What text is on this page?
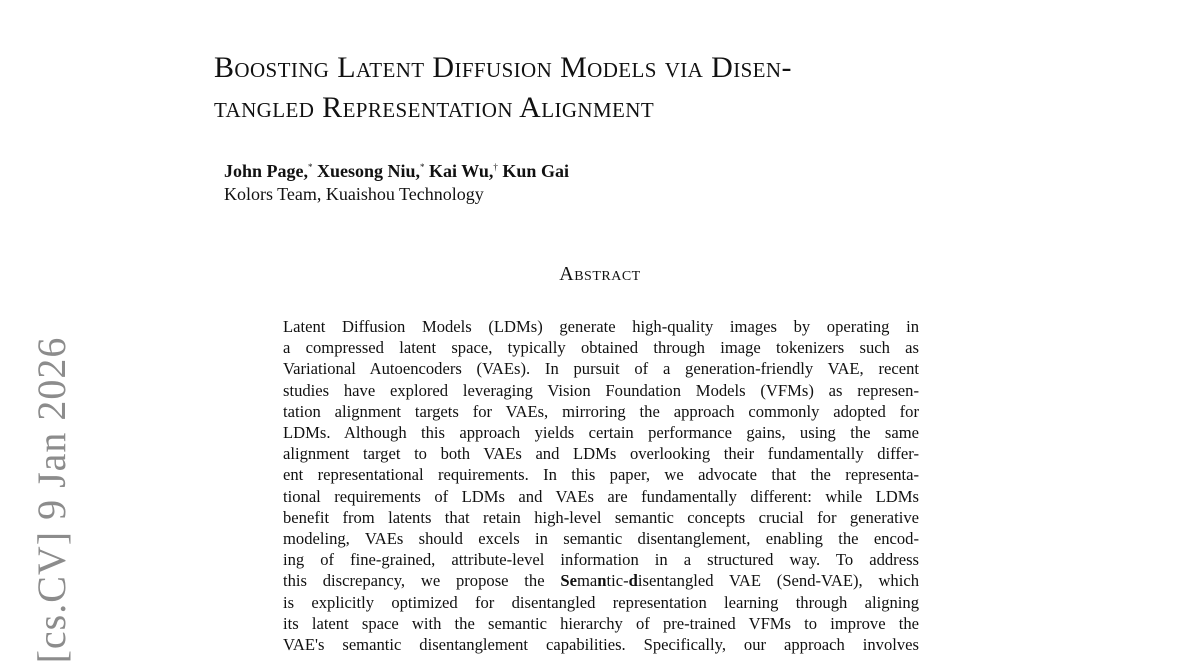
Boosting Latent Diffusion Models via Disen-
tangled Representation Alignment
John Page,* Xuesong Niu,* Kai Wu,† Kun Gai
Kolors Team, Kuaishou Technology
Abstract
Latent Diffusion Models (LDMs) generate high-quality images by operating in
a compressed latent space, typically obtained through image tokenizers such as
Variational Autoencoders (VAEs). In pursuit of a generation-friendly VAE, recent
studies have explored leveraging Vision Foundation Models (VFMs) as represen-
tation alignment targets for VAEs, mirroring the approach commonly adopted for
LDMs. Although this approach yields certain performance gains, using the same
alignment target to both VAEs and LDMs overlooking their fundamentally differ-
ent representational requirements. In this paper, we advocate that the representa-
tional requirements of LDMs and VAEs are fundamentally different: while LDMs
benefit from latents that retain high-level semantic concepts crucial for generative
modeling, VAEs should excels in semantic disentanglement, enabling the encod-
ing of fine-grained, attribute-level information in a structured way. To address
this discrepancy, we propose the Semantic-disentangled VAE (Send-VAE), which
is explicitly optimized for disentangled representation learning through aligning
its latent space with the semantic hierarchy of pre-trained VFMs to improve the
VAE's semantic disentanglement capabilities. Specifically, our approach involves
[cs.CV] 9 Jan 2026
